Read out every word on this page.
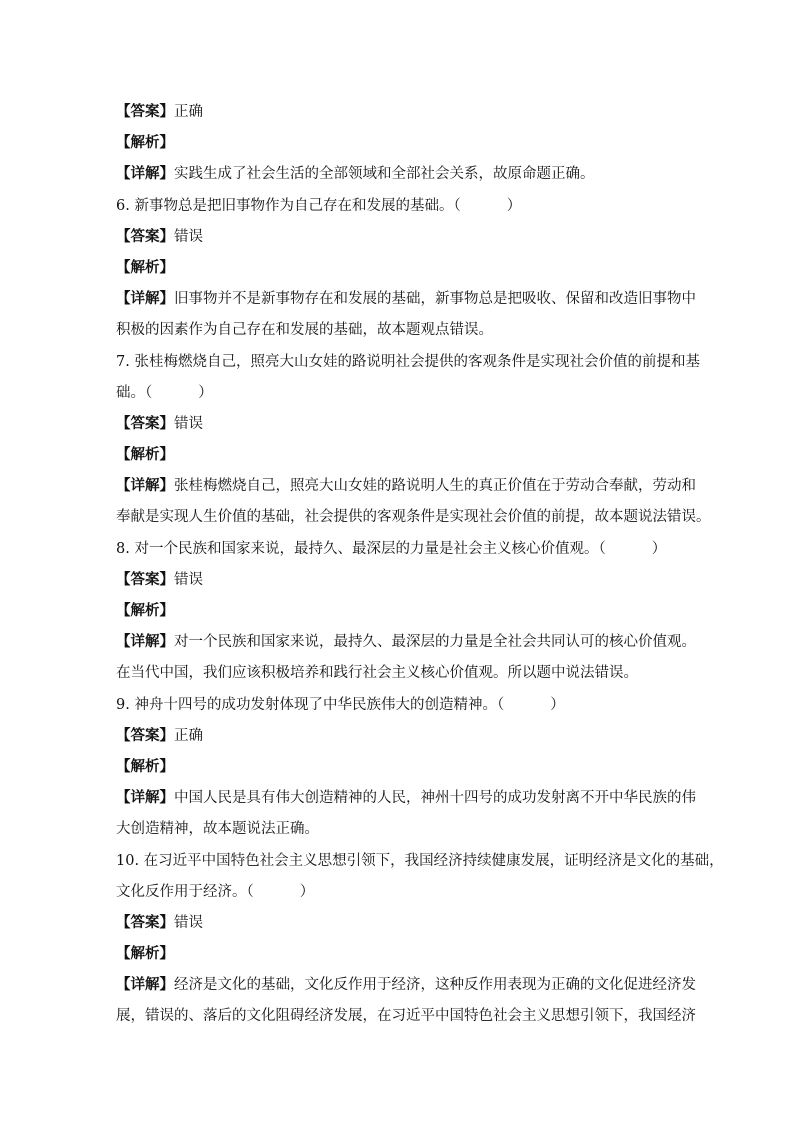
【答案】正确
【解析】
【详解】实践生成了社会生活的全部领域和全部社会关系，故原命题正确。
6. 新事物总是把旧事物作为自己存在和发展的基础。（	）
【答案】错误
【解析】
【详解】旧事物并不是新事物存在和发展的基础，新事物总是把吸收、保留和改造旧事物中
积极的因素作为自己存在和发展的基础，故本题观点错误。
7. 张桂梅燃烧自己，照亮大山女娃的路说明社会提供的客观条件是实现社会价值的前提和基
础。（	）
【答案】错误
【解析】
【详解】张桂梅燃烧自己，照亮大山女娃的路说明人生的真正价值在于劳动合奉献，劳动和
奉献是实现人生价值的基础，社会提供的客观条件是实现社会价值的前提，故本题说法错误。
8. 对一个民族和国家来说，最持久、最深层的力量是社会主义核心价值观。（	）
【答案】错误
【解析】
【详解】对一个民族和国家来说，最持久、最深层的力量是全社会共同认可的核心价值观。
在当代中国，我们应该积极培养和践行社会主义核心价值观。所以题中说法错误。
9. 神舟十四号的成功发射体现了中华民族伟大的创造精神。（	）
【答案】正确
【解析】
【详解】中国人民是具有伟大创造精神的人民，神州十四号的成功发射离不开中华民族的伟
大创造精神，故本题说法正确。
10. 在习近平中国特色社会主义思想引领下，我国经济持续健康发展，证明经济是文化的基础，
文化反作用于经济。（	）
【答案】错误
【解析】
【详解】经济是文化的基础，文化反作用于经济，这种反作用表现为正确的文化促进经济发
展，错误的、落后的文化阻碍经济发展，在习近平中国特色社会主义思想引领下，我国经济
